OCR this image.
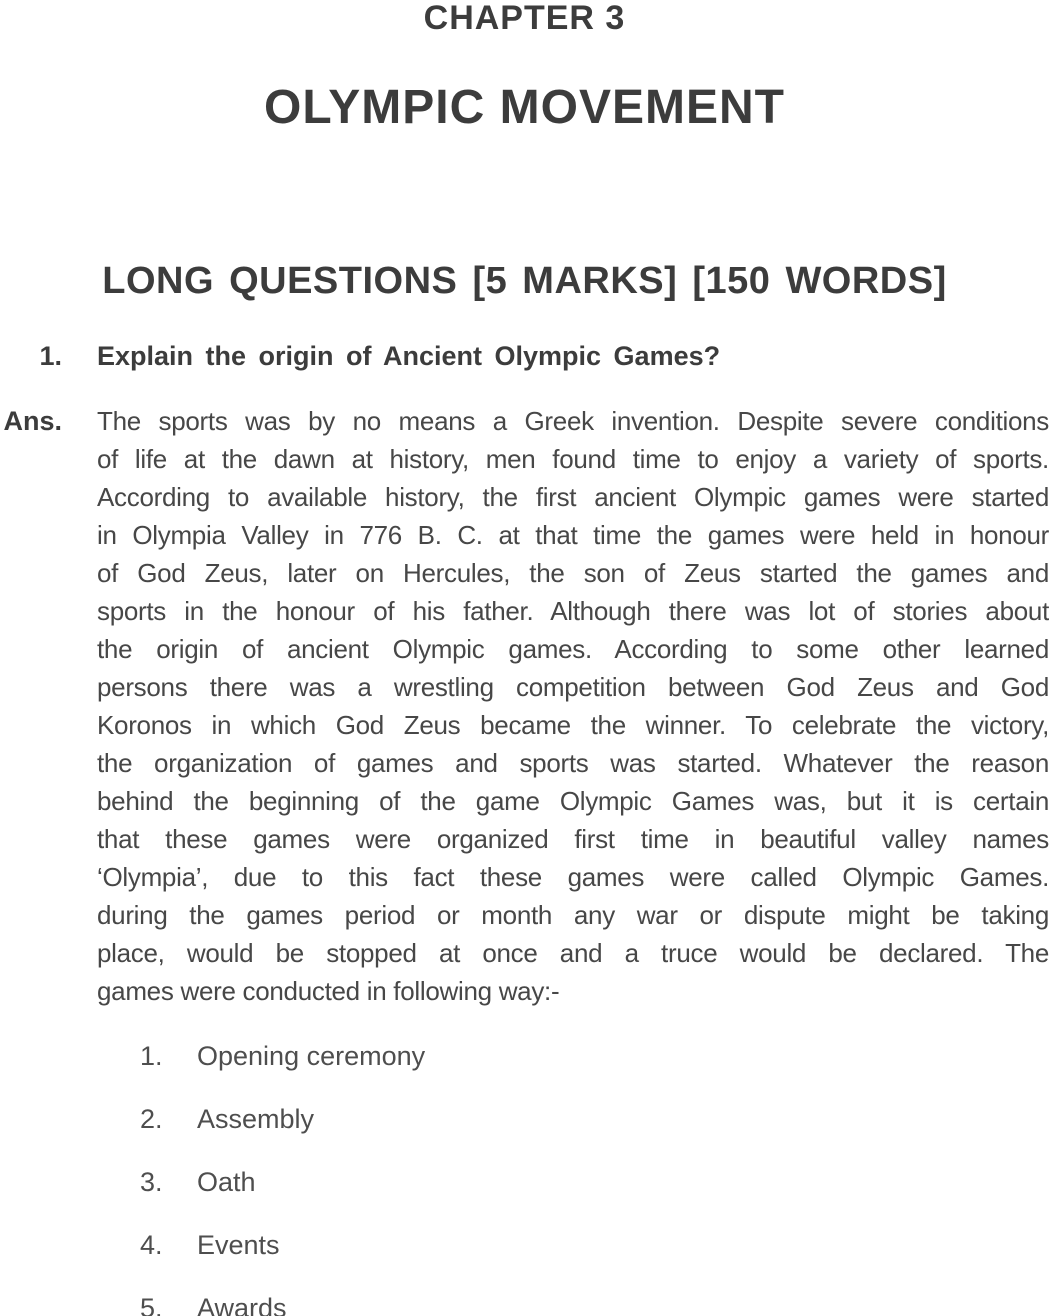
CHAPTER 3
OLYMPIC MOVEMENT
LONG QUESTIONS [5 MARKS] [150 WORDS]
1.	Explain the origin of Ancient Olympic Games?
Ans.	The sports was by no means a Greek invention. Despite severe conditions
of life at the dawn at history, men found time to enjoy a variety of sports.
According to available history, the first ancient Olympic games were started
in Olympia Valley in 776 B. C. at that time the games were held in honour
of God Zeus, later on Hercules, the son of Zeus started the games and
sports in the honour of his father. Although there was lot of stories about
the origin of ancient Olympic games. According to some other learned
persons there was a wrestling competition between God Zeus and God
Koronos in which God Zeus became the winner. To celebrate the victory,
the organization of games and sports was started. Whatever the reason
behind the beginning of the game Olympic Games was, but it is certain
that these games were organized first time in beautiful valley names
‘Olympia’, due to this fact these games were called Olympic Games.
during the games period or month any war or dispute might be taking
place, would be stopped at once and a truce would be declared. The
games were conducted in following way:-
1.	Opening ceremony
2.	Assembly
3.	Oath
4.	Events
5.	Awards
